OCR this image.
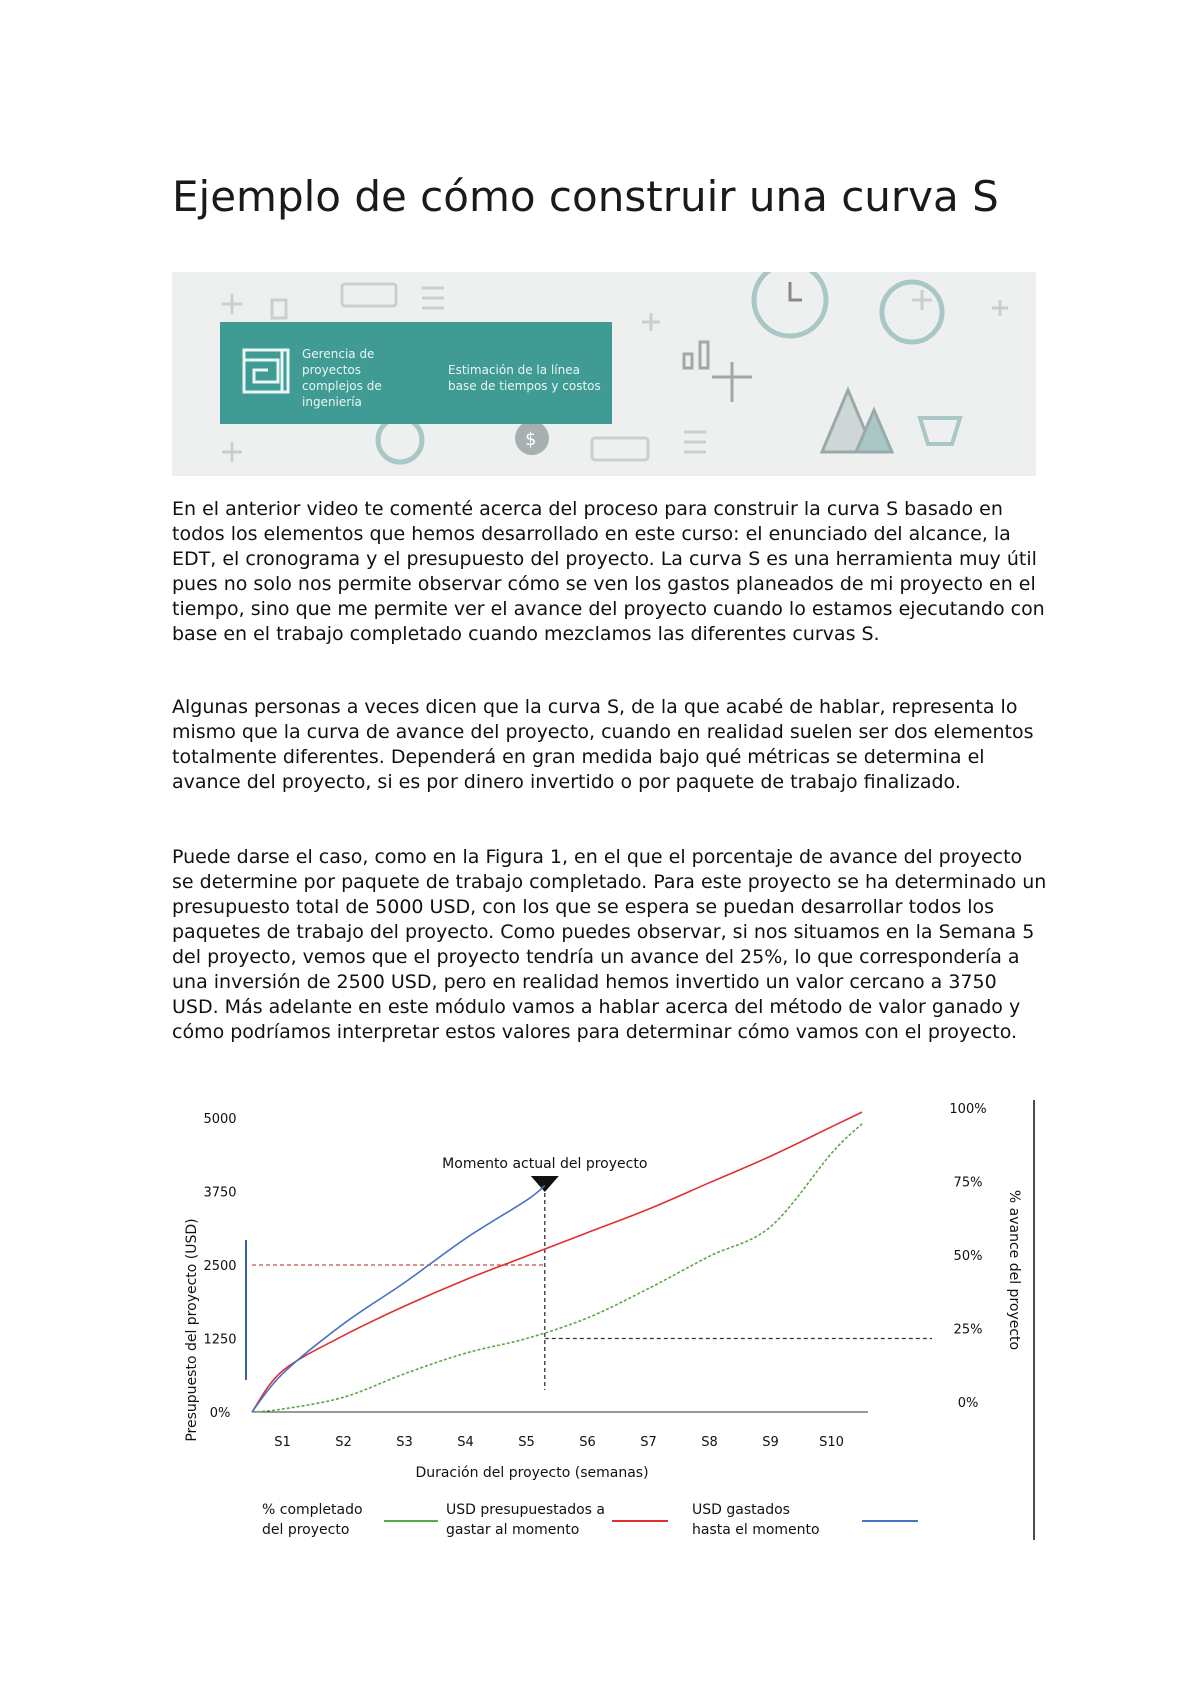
Ejemplo de cómo construir una curva S
$
Gerencia de proyectos complejos de ingeniería
Estimación de la línea base de tiempos y costos

En el anterior video te comenté acerca del proceso para construir la curva S basado en todos los elementos que hemos desarrollado en este curso: el enunciado del alcance, la EDT, el cronograma y el presupuesto del proyecto. La curva S es una herramienta muy útil pues no solo nos permite observar cómo se ven los gastos planeados de mi proyecto en el tiempo, sino que me permite ver el avance del proyecto cuando lo estamos ejecutando con base en el trabajo completado cuando mezclamos las diferentes curvas S.

Algunas personas a veces dicen que la curva S, de la que acabé de hablar, representa lo mismo que la curva de avance del proyecto, cuando en realidad suelen ser dos elementos totalmente diferentes. Dependerá en gran medida bajo qué métricas se determina el avance del proyecto, si es por dinero invertido o por paquete de trabajo finalizado.

Puede darse el caso, como en la Figura 1, en el que el porcentaje de avance del proyecto se determine por paquete de trabajo completado. Para este proyecto se ha determinado un presupuesto total de 5000 USD, con los que se espera se puedan desarrollar todos los paquetes de trabajo del proyecto. Como puedes observar, si nos situamos en la Semana 5 del proyecto, vemos que el proyecto tendría un avance del 25%, lo que correspondería a una inversión de 2500 USD, pero en realidad hemos invertido un valor cercano a 3750 USD. Más adelante en este módulo vamos a hablar acerca del método de valor ganado y cómo podríamos interpretar estos valores para determinar cómo vamos con el proyecto.

Presupuesto del proyecto (USD)	% avance del proyecto
Duración del proyecto (semanas)
0%
1250
2500
3750
5000
0%
25%
50%
75%
100%
S1	S2	S3	S4	S5	S6	S7	S8	S9	S10
Momento actual del proyecto
% completado del proyecto
USD presupuestados a gastar al momento
USD gastados hasta el momento
